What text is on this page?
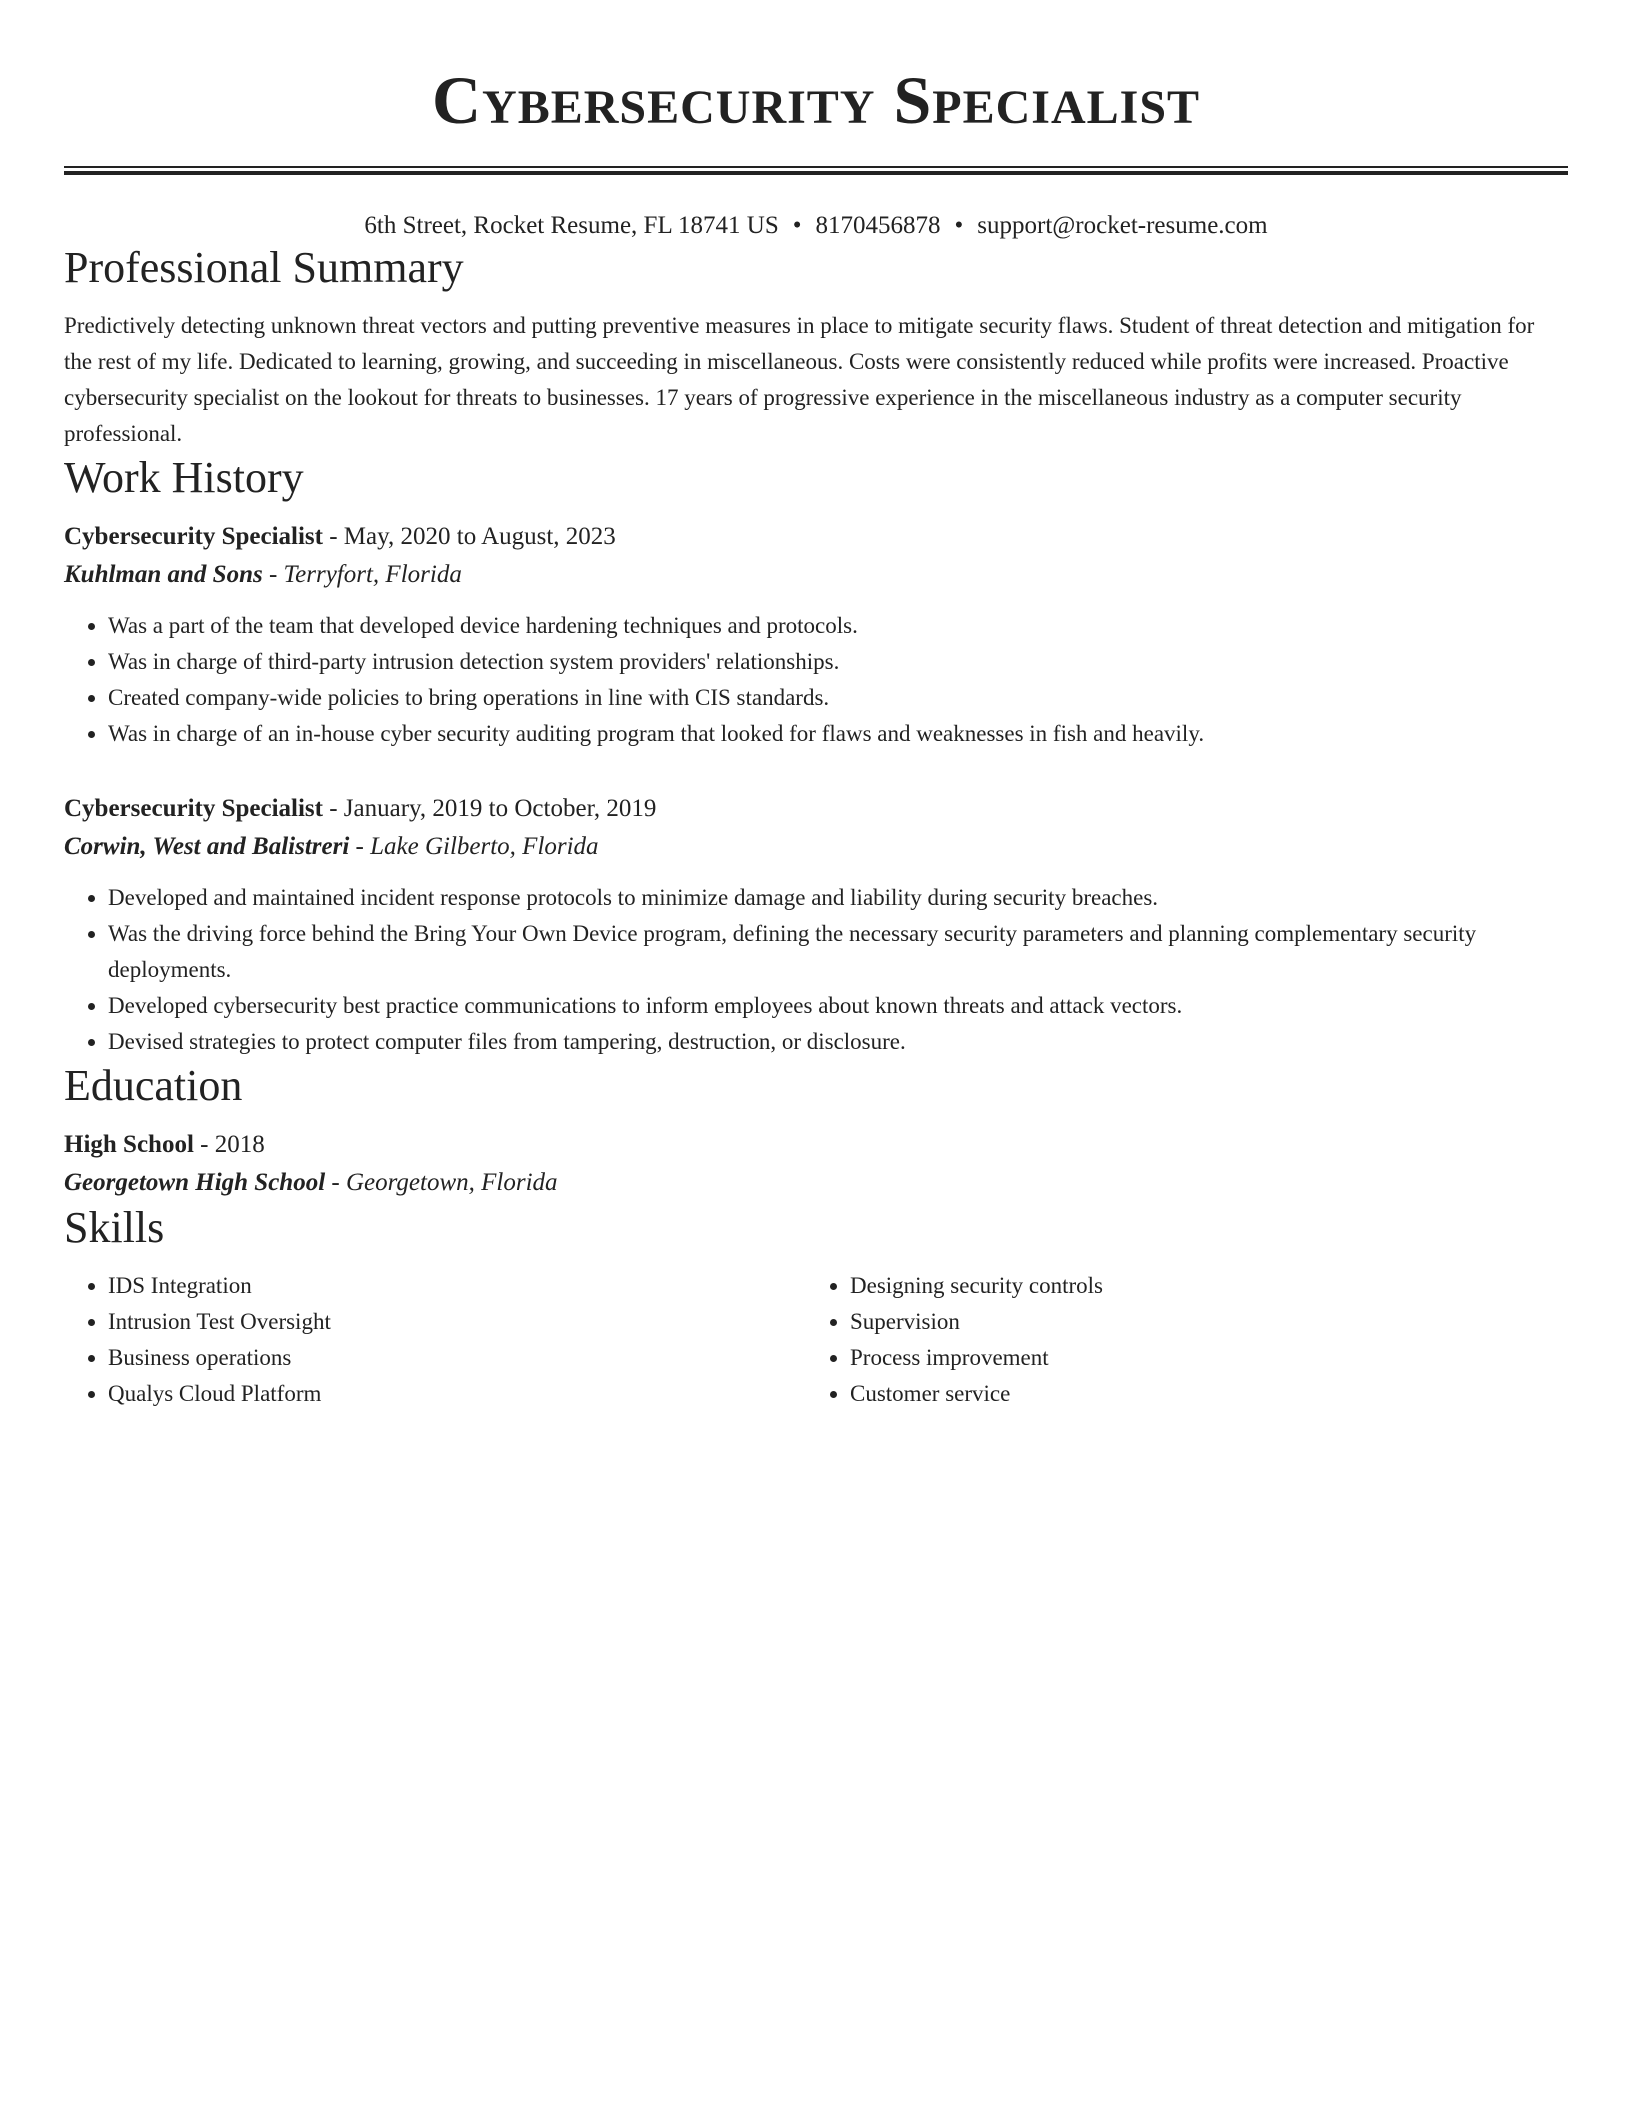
Cybersecurity Specialist
6th Street, Rocket Resume, FL 18741 US • 8170456878 • support@rocket-resume.com
Professional Summary
Predictively detecting unknown threat vectors and putting preventive measures in place to mitigate security flaws. Student of threat detection and mitigation for the rest of my life. Dedicated to learning, growing, and succeeding in miscellaneous. Costs were consistently reduced while profits were increased. Proactive cybersecurity specialist on the lookout for threats to businesses. 17 years of progressive experience in the miscellaneous industry as a computer security professional.
Work History
Cybersecurity Specialist - May, 2020 to August, 2023
Kuhlman and Sons - Terryfort, Florida
• Was a part of the team that developed device hardening techniques and protocols.
• Was in charge of third-party intrusion detection system providers' relationships.
• Created company-wide policies to bring operations in line with CIS standards.
• Was in charge of an in-house cyber security auditing program that looked for flaws and weaknesses in fish and heavily.
Cybersecurity Specialist - January, 2019 to October, 2019
Corwin, West and Balistreri - Lake Gilberto, Florida
• Developed and maintained incident response protocols to minimize damage and liability during security breaches.
• Was the driving force behind the Bring Your Own Device program, defining the necessary security parameters and planning complementary security deployments.
• Developed cybersecurity best practice communications to inform employees about known threats and attack vectors.
• Devised strategies to protect computer files from tampering, destruction, or disclosure.
Education
High School - 2018
Georgetown High School - Georgetown, Florida
Skills
• IDS Integration
• Intrusion Test Oversight
• Business operations
• Qualys Cloud Platform
• Designing security controls
• Supervision
• Process improvement
• Customer service
